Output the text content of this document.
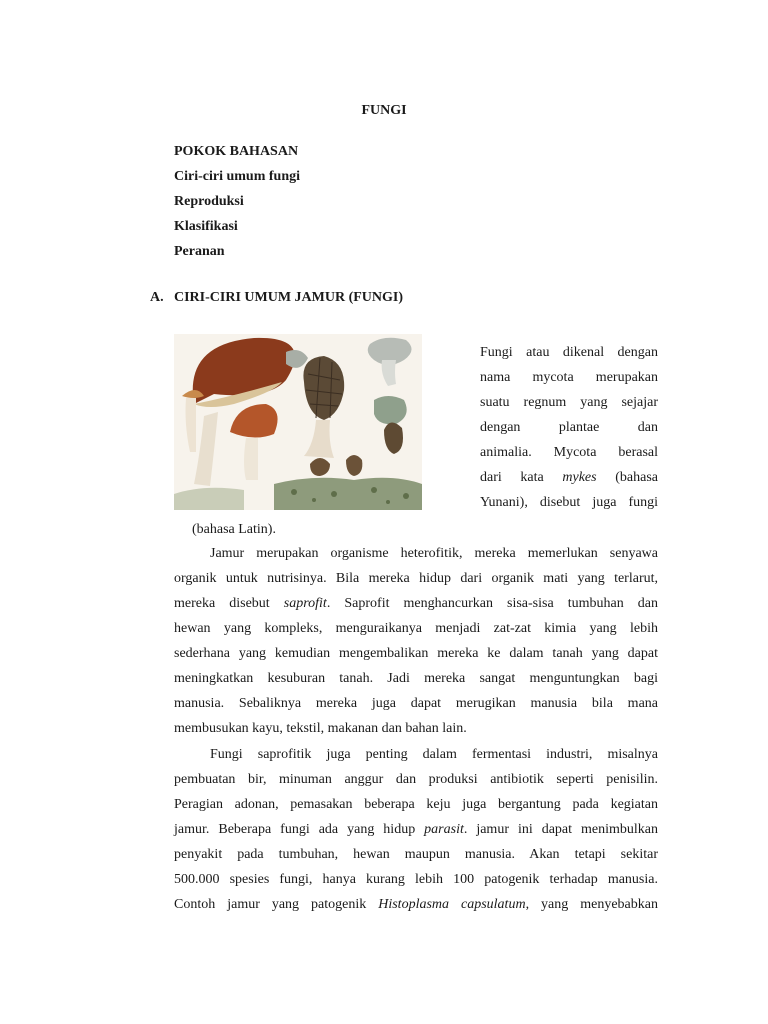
FUNGI
POKOK BAHASAN
Ciri-ciri umum fungi
Reproduksi
Klasifikasi
Peranan
A. CIRI-CIRI UMUM JAMUR (FUNGI)
Fungi atau dikenal dengan
nama mycota merupakan
suatu regnum yang sejajar
dengan plantae dan
animalia. Mycota berasal
dari kata mykes (bahasa
Yunani), disebut juga fungi
(bahasa Latin).
Jamur merupakan organisme heterofitik, mereka memerlukan senyawa
organik untuk nutrisinya. Bila mereka hidup dari organik mati yang terlarut,
mereka disebut saprofit. Saprofit menghancurkan sisa-sisa tumbuhan dan
hewan yang kompleks, menguraikanya menjadi zat-zat kimia yang lebih
sederhana yang kemudian mengembalikan mereka ke dalam tanah yang dapat
meningkatkan kesuburan tanah. Jadi mereka sangat menguntungkan bagi
manusia. Sebaliknya mereka juga dapat merugikan manusia bila mana
membusukan kayu, tekstil, makanan dan bahan lain.
Fungi saprofitik juga penting dalam fermentasi industri, misalnya
pembuatan bir, minuman anggur dan produksi antibiotik seperti penisilin.
Peragian adonan, pemasakan beberapa keju juga bergantung pada kegiatan
jamur. Beberapa fungi ada yang hidup parasit. jamur ini dapat menimbulkan
penyakit pada tumbuhan, hewan maupun manusia. Akan tetapi sekitar
500.000 spesies fungi, hanya kurang lebih 100 patogenik terhadap manusia.
Contoh jamur yang patogenik Histoplasma capsulatum, yang menyebabkan
